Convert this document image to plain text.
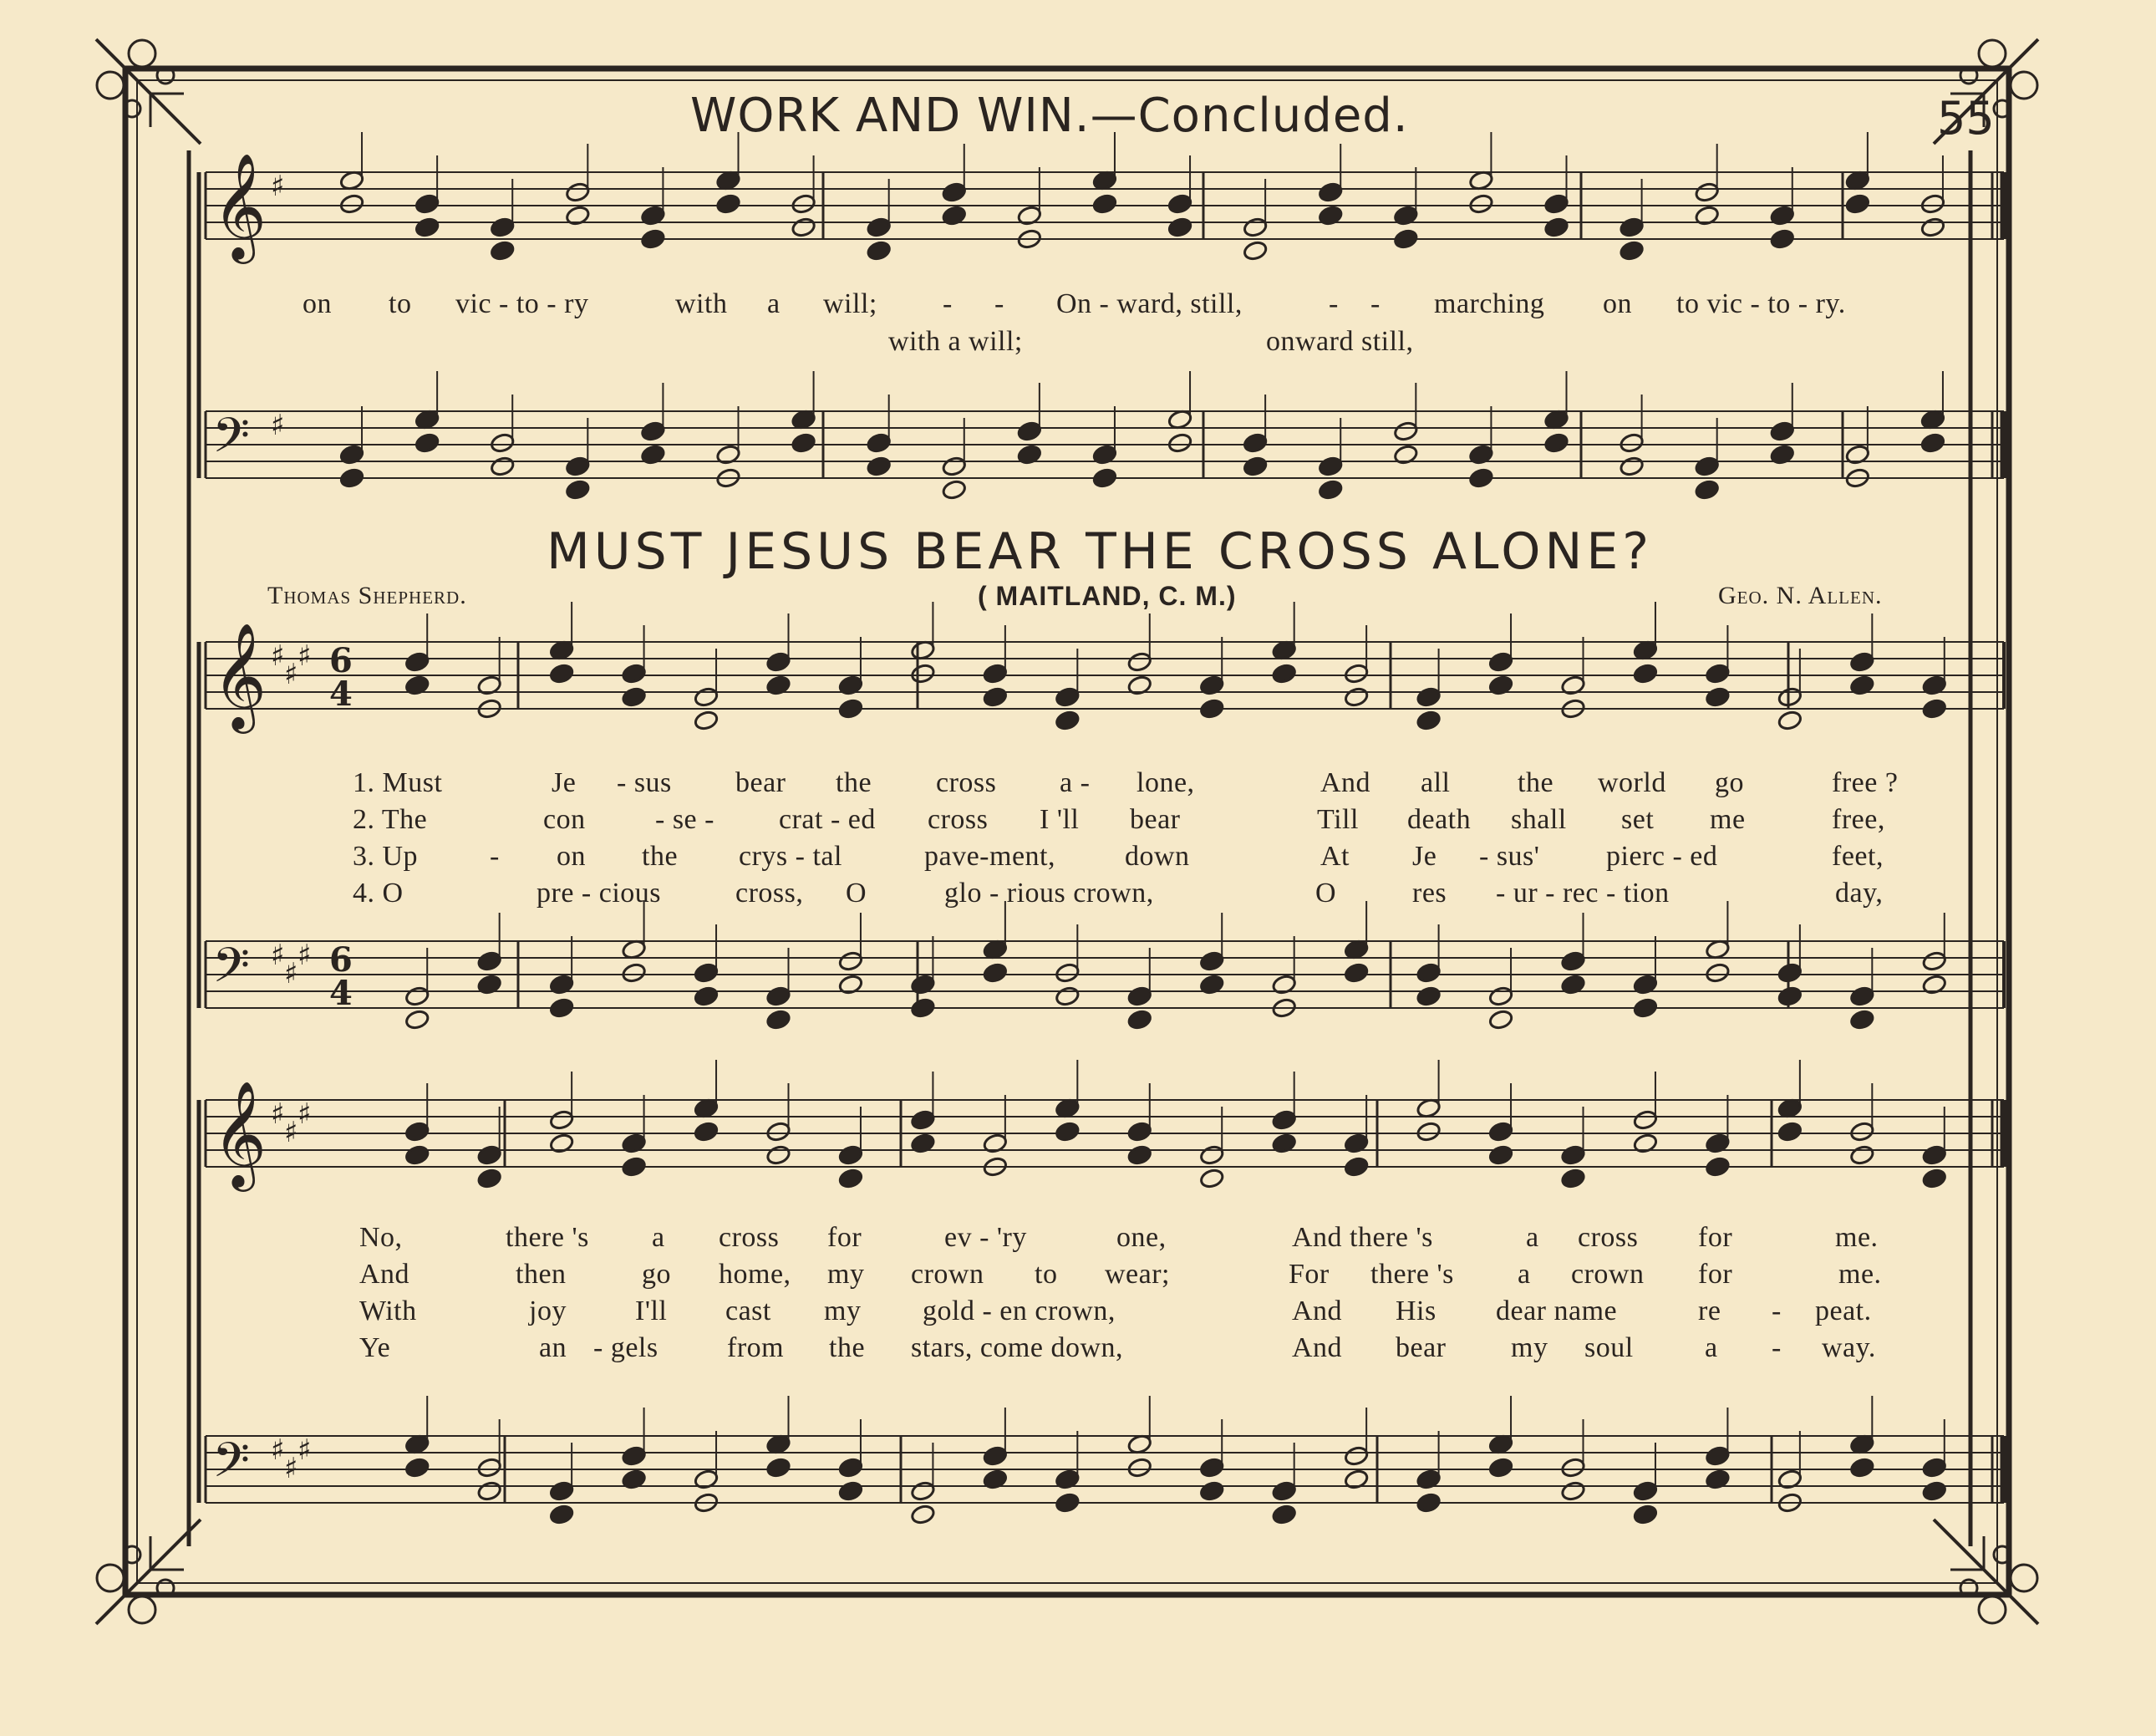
𝄞 ♯
𝄢 ♯
𝄞 ♯
♯
♯ 6
4
𝄢 ♯
♯
♯ 6
4
𝄞 ♯
♯
♯
𝄢 ♯
♯
♯
WORK AND WIN.—Concluded.	55
on to vic - to - ry	with a will; - - On - ward, still,	- - marching on to vic - to - ry.
with a will;	onward still,
MUST JESUS BEAR THE CROSS ALONE?
Thomas Shepherd.	( MAITLAND, C. M.)	Geo. N. Allen.
1. Must	Je - sus bear the cross a - lone,	And all the world go	free ?
2. The	con - se - crat - ed cross I 'll bear	Till death shall set me	free,
3. Up	- on the crys - tal	pave-ment, down	At Je - sus' pierc - ed	feet,
4. O	pre - cious	cross, O	glo - rious crown,	O	res - ur - rec - tion	day,
No,	there 's a cross for	ev - 'ry	one,	And there 's	a cross for	me.
And	then	go home, my crown to wear;	For there 's a crown for	me.
With	joy I'll cast my gold - en crown,	And His dear name	re - peat.
Ye	an - gels from the stars, come down,	And bear my soul	a - way.
